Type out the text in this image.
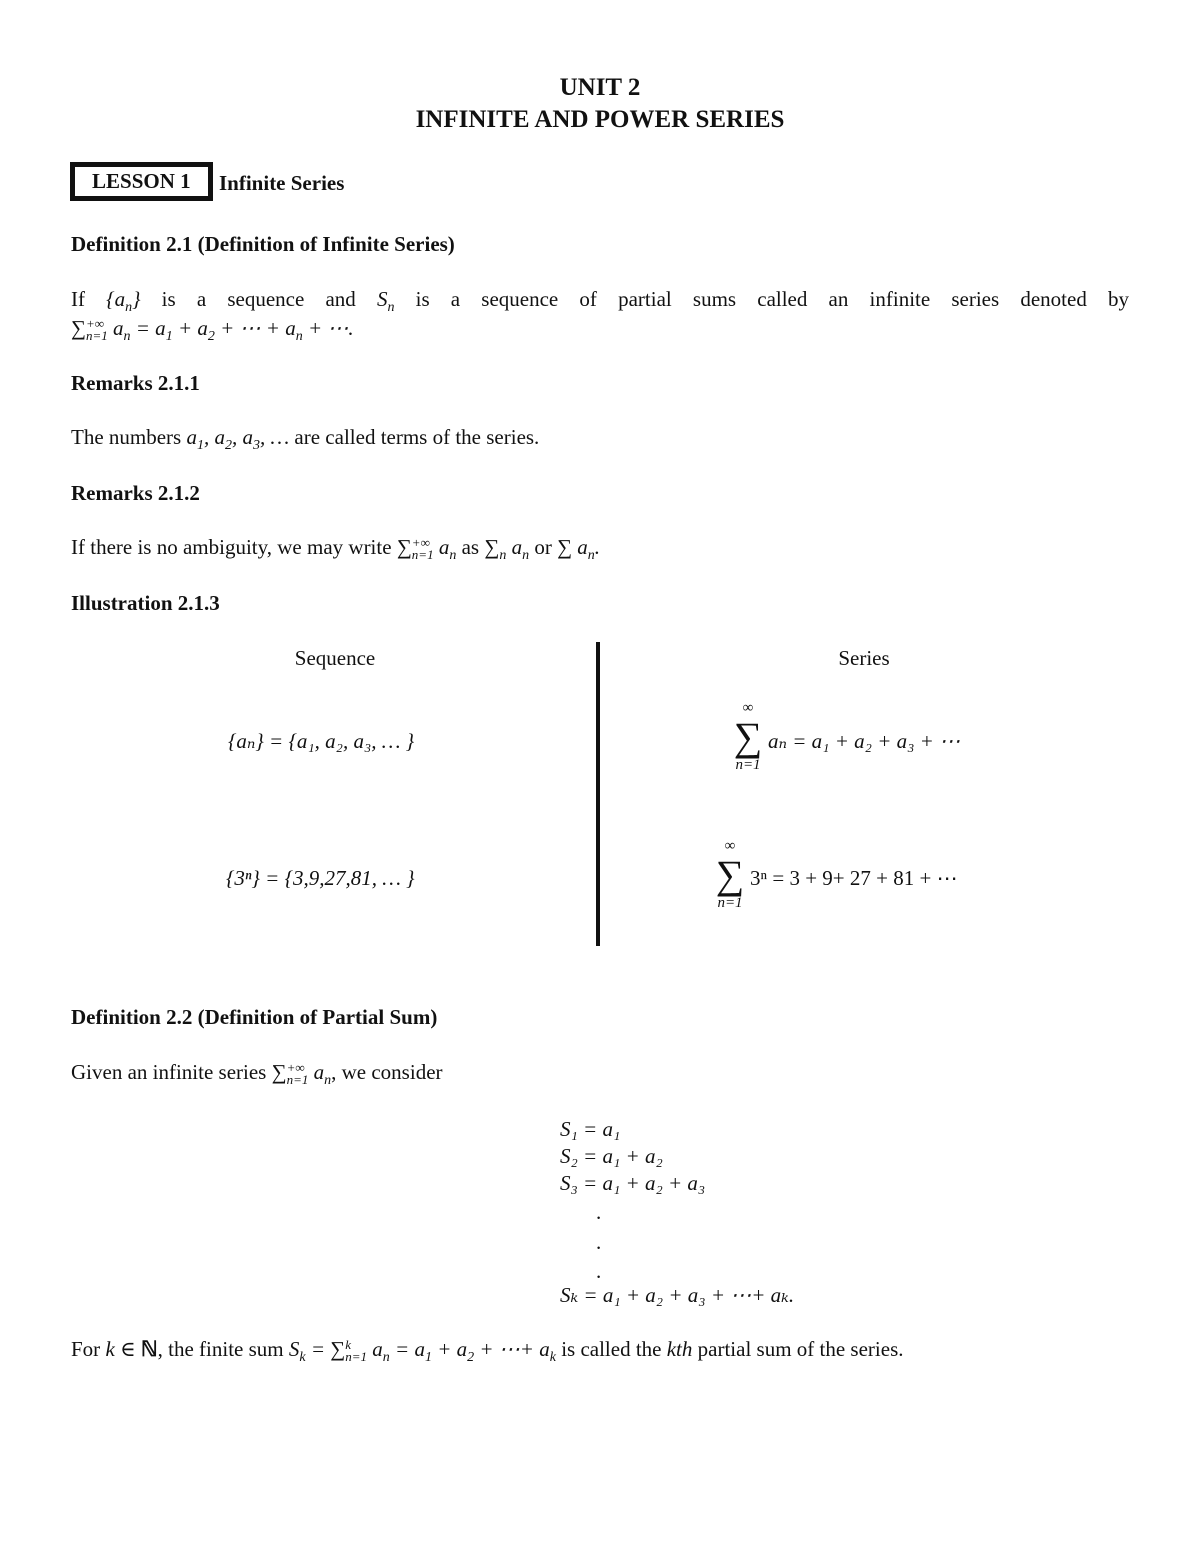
UNIT 2
INFINITE AND POWER SERIES
LESSON 1	Infinite Series
Definition 2.1 (Definition of Infinite Series)
If $\{a_n\}$ is a sequence and $S_n$ is a sequence of partial sums called an infinite series denoted by
∑+∞
n=1 $a_n = a_1 + a_2$ + ⋯ + $a_n$ + ⋯.
Remarks 2.1.1
The numbers $a_1$, $a_2$, $a_3$, … are called terms of the series.
Remarks 2.1.2
If there is no ambiguity, we may write ∑+∞
n=1 $a_n$ as $\sum_n$ $a_n$ or ∑ $a_n$.
Illustration 2.1.3
Sequence	Series
{aₙ} = {a₁, a₂, a₃, … }
{3ⁿ} = {3,9,27,81, … }
∞
∑
n=1
aₙ = a₁ + a₂ + a₃ + ⋯
∞
∑
n=1
3ⁿ = 3 + 9+ 27 + 81 + ⋯
Definition 2.2 (Definition of Partial Sum)
Given an infinite series ∑+∞
n=1 $a_n$, we consider
S₁ = a₁
S₂ = a₁ + a₂
S₃ = a₁ + a₂ + a₃
.
.
.
Sₖ = a₁ + a₂ + a₃ + ⋯+ aₖ.
For k ∈ ℕ, the finite sum $S_k = \sum k$
n=1 $a_n = a_1 + a_2$ + ⋯+ $a_k$ is called the kth partial sum of the series.
